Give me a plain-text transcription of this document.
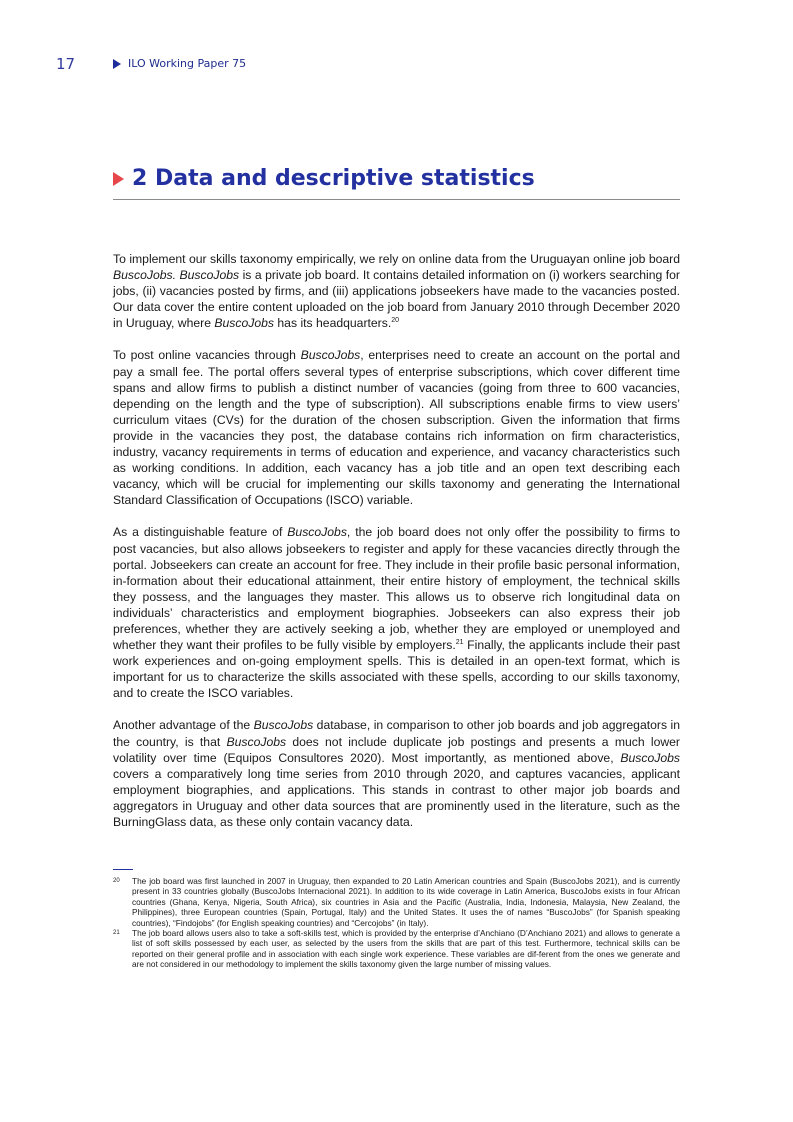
17	ILO Working Paper 75
2 Data and descriptive statistics

To implement our skills taxonomy empirically, we rely on online data from the Uruguayan online job board BuscoJobs. BuscoJobs is a private job board. It contains detailed information on (i) workers searching for jobs, (ii) vacancies posted by firms, and (iii) applications jobseekers have made to the vacancies posted. Our data cover the entire content uploaded on the job board from January 2010 through December 2020 in Uruguay, where BuscoJobs has its headquarters.$^{20}$

To post online vacancies through BuscoJobs, enterprises need to create an account on the portal and pay a small fee. The portal offers several types of enterprise subscriptions, which cover different time spans and allow firms to publish a distinct number of vacancies (going from three to 600 vacancies, depending on the length and the type of subscription). All subscriptions enable firms to view users’ curriculum vitaes (CVs) for the duration of the chosen subscription. Given the information that firms provide in the vacancies they post, the database contains rich information on firm characteristics, industry, vacancy requirements in terms of education and experience, and vacancy characteristics such as working conditions. In addition, each vacancy has a job title and an open text describing each vacancy, which will be crucial for implementing our skills taxonomy and generating the International Standard Classification of Occupations (ISCO) variable.

As a distinguishable feature of BuscoJobs, the job board does not only offer the possibility to firms to post vacancies, but also allows jobseekers to register and apply for these vacancies directly through the portal. Jobseekers can create an account for free. They include in their profile basic personal information, in-formation about their educational attainment, their entire history of employment, the technical skills they possess, and the languages they master. This allows us to observe rich longitudinal data on individuals’ characteristics and employment biographies. Jobseekers can also express their job preferences, whether they are actively seeking a job, whether they are employed or unemployed and whether they want their profiles to be fully visible by employers.$^{21}$ Finally, the applicants include their past work experiences and on-going employment spells. This is detailed in an open-text format, which is important for us to characterize the skills associated with these spells, according to our skills taxonomy, and to create the ISCO variables.

Another advantage of the BuscoJobs database, in comparison to other job boards and job aggregators in the country, is that BuscoJobs does not include duplicate job postings and presents a much lower volatility over time (Equipos Consultores 2020). Most importantly, as mentioned above, BuscoJobs covers a comparatively long time series from 2010 through 2020, and captures vacancies, applicant employment biographies, and applications. This stands in contrast to other major job boards and aggregators in Uruguay and other data sources that are prominently used in the literature, such as the BurningGlass data, as these only contain vacancy data.

20	The job board was first launched in 2007 in Uruguay, then expanded to 20 Latin American countries and Spain (BuscoJobs 2021), and is currently present in 33 countries globally (BuscoJobs Internacional 2021). In addition to its wide coverage in Latin America, BuscoJobs exists in four African countries (Ghana, Kenya, Nigeria, South Africa), six countries in Asia and the Pacific (Australia, India, Indonesia, Malaysia, New Zealand, the Philippines), three European countries (Spain, Portugal, Italy) and the United States. It uses the of names “BuscoJobs” (for Spanish speaking countries), “Findojobs” (for English speaking countries) and “Cercojobs” (in Italy).
21	The job board allows users also to take a soft-skills test, which is provided by the enterprise d’Anchiano (D’Anchiano 2021) and allows to generate a list of soft skills possessed by each user, as selected by the users from the skills that are part of this test. Furthermore, technical skills can be reported on their general profile and in association with each single work experience. These variables are dif-ferent from the ones we generate and are not considered in our methodology to implement the skills taxonomy given the large number of missing values.
